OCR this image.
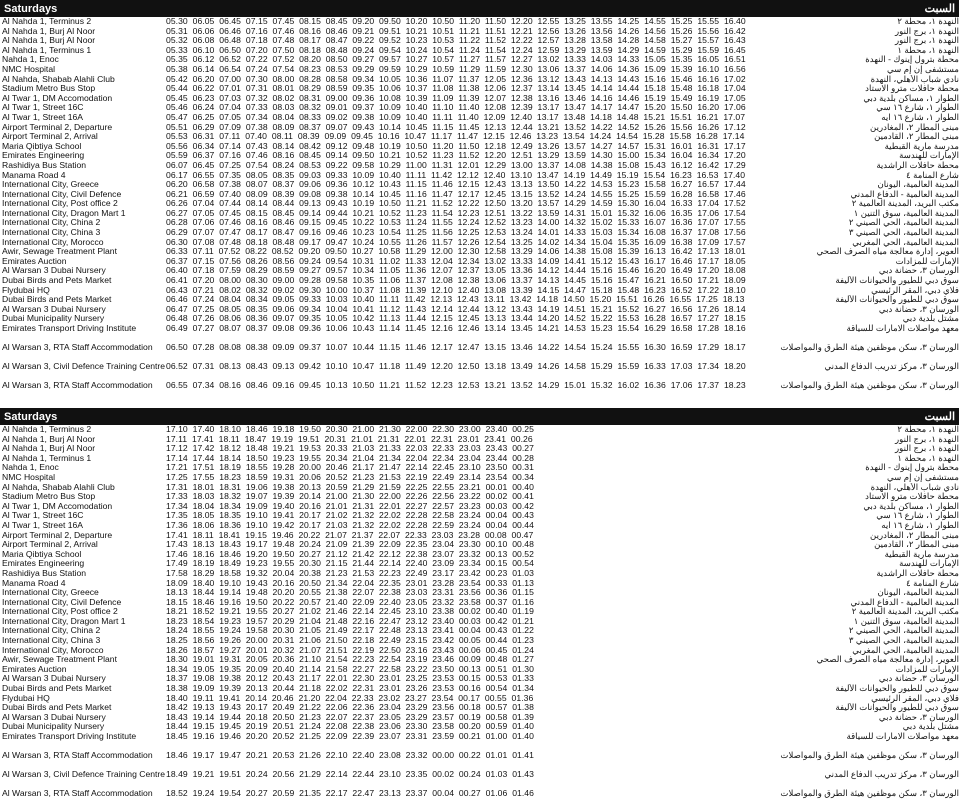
Saturdays	السبت
Al Nahda 1, Terminus 2	05.30  06.05  06.45  07.15  07.45  08.15  08.45  09.20  09.50  10.20  10.50  11.20  11.50  12.20  12.55  13.25  13.55  14.25  14.55  15.25  15.55  16.40	النهدة ١، محطة ٢
Al Nahda 1, Burj Al Noor	05.31  06.06  06.46  07.16  07.46  08.16  08.46  09.21  09.51  10.21  10.51  11.21  11.51  12.21  12.56  13.26  13.56  14.26  14.56  15.26  15.56  16.42	النهدة ١، برج النور
Al Nahda 1, Burj Al Noor	05.32  06.08  06.48  07.18  07.48  08.17  08.47  09.22  09.52  10.23  10.53  11.22  11.52  12.22  12.57  13.28  13.58  14.28  14.58  15.27  15.57  16.43	النهدة ١، برج النور
Al Nahda 1, Terminus 1	05.33  06.10  06.50  07.20  07.50  08.18  08.48  09.24  09.54  10.24  10.54  11.24  11.54  12.24  12.59  13.29  13.59  14.29  14.59  15.29  15.59  16.45	النهدة ١، محطة ١
Nahda 1, Enoc	05.35  06.12  06.52  07.22  07.52  08.20  08.50  09.27  09.57  10.27  10.57  11.27  11.57  12.27  13.02  13.33  14.03  14.33  15.05  15.35  16.05  16.51	محطة بترول إينوك - النهدة
NMC Hospital	05.38  06.14  06.54  07.24  07.54  08.23  08.53  09.29  09.59  10.29  10.59  11.29  11.59  12.30  13.06  13.37  14.06  14.36  15.09  15.39  16.10  16.56	مستشفى إن إم سي
Al Nahda, Shabab Alahli Club	05.42  06.20  07.00  07.30  08.00  08.28  08.58  09.34  10.05  10.36  11.07  11.37  12.05  12.36  13.12  13.43  14.13  14.43  15.16  15.46  16.16  17.02	نادي شباب الأهلي، النهدة
Stadium Metro Bus Stop	05.44  06.22  07.01  07.31  08.01  08.29  08.59  09.35  10.06  10.37  11.08  11.38  12.06  12.37  13.14  13.45  14.14  14.44  15.18  15.48  16.18  17.04	محطة حافلات مترو الاستاد
Al Twar 1, DM Accomodation	05.45  06.23  07.03  07.32  08.02  08.31  09.00  09.36  10.08  10.39  11.09  11.39  12.07  12.38  13.16  13.46  14.16  14.46  15.19  15.49  16.19  17.05	الطوار ١، مساكن بلدية دبي
Al Twar 1, Street 16C	05.46  06.24  07.04  07.33  08.03  08.32  09.01  09.37  10.09  10.40  11.10  11.40  12.08  12.39  13.17  13.47  14.17  14.47  15.20  15.50  16.20  17.06	الطوار ١، شارع ١٦ سي
Al Twar 1, Street 16A	05.47  06.25  07.05  07.34  08.04  08.33  09.02  09.38  10.09  10.40  11.11  11.40  12.09  12.40  13.17  13.48  14.18  14.48  15.21  15.51  16.21  17.07	الطوار ١، شارع ١٦ ايه
Airport Terminal 2, Departure	05.51  06.29  07.09  07.38  08.09  08.37  09.07  09.43  10.14  10.45  11.15  11.45  12.13  12.44  13.21  13.52  14.22  14.52  15.26  15.56  16.26  17.12	مبنى المطار ٢، المغادرين
Airport Terminal 2, Arrival	05.53  06.31  07.11  07.40  08.11  08.39  09.09  09.45  10.16  10.47  11.17  11.47  12.15  12.46  13.23  13.54  14.24  14.54  15.28  15.58  16.28  17.14	مبنى المطار ٢، القادمين
Maria Qibtiya School	05.56  06.34  07.14  07.43  08.14  08.42  09.12  09.48  10.19  10.50  11.20  11.50  12.18  12.49  13.26  13.57  14.27  14.57  15.31  16.01  16.31  17.17	مدرسة مارية القبطية
Emirates Engineering	05.59  06.37  07.16  07.46  08.16  08.45  09.14  09.50  10.21  10.52  11.23  11.52  12.20  12.51  13.29  13.59  14.30  15.00  15.34  16.04  16.34  17.20	الإمارات للهندسة
Rashidiya Bus Station	06.07  06.45  07.25  07.54  08.24  08.53  09.22  09.58  10.29  11.00  11.31  12.01  12.29  13.00  13.37  14.08  14.38  15.08  15.43  16.12  16.42  17.29	محطة حافلات الراشدية
Manama Road 4	06.17  06.55  07.35  08.05  08.35  09.03  09.33  10.09  10.40  11.11  11.42  12.12  12.40  13.10  13.47  14.19  14.49  15.19  15.54  16.23  16.53  17.40	شارع المنامة ٤
International City, Greece	06.20  06.58  07.38  08.07  08.37  09.06  09.36  10.12  10.43  11.15  11.46  12.15  12.43  13.13  13.50  14.22  14.53  15.23  15.58  16.27  16.57  17.44	المدينة العالمية، اليونان
International City, Civil Defence	06.21  06.59  07.40  08.09  08.39  09.08  09.38  10.14  10.45  11.16  11.47  12.17  12.45  13.15  13.52  14.24  14.55  15.25  15.59  16.28  16.58  17.46	المدينة العالمية - الدفاع المدني
International City, Post office 2	06.26  07.04  07.44  08.14  08.44  09.13  09.43  10.19  10.50  11.21  11.52  12.22  12.50  13.20  13.57  14.29  14.59  15.30  16.04  16.33  17.04  17.52	مكتب البريد، المدينة العالمية ٢
International City, Dragon Mart 1	06.27  07.05  07.45  08.15  08.45  09.14  09.44  10.21  10.52  11.23  11.54  12.23  12.51  13.22  13.59  14.31  15.01  15.32  16.06  16.35  17.06  17.54	المدينة العالمية، سوق التنين ١
International City, China 2	06.28  07.06  07.46  08.16  08.46  09.15  09.45  10.22  10.53  11.24  11.55  12.24  12.52  13.23  14.00  14.32  15.02  15.33  16.07  16.36  17.07  17.55	المدينة العالمية، الحي الصيني ٢
International City, China 3	06.29  07.07  07.47  08.17  08.47  09.16  09.46  10.23  10.54  11.25  11.56  12.25  12.53  13.24  14.01  14.33  15.03  15.34  16.08  16.37  17.08  17.56	المدينة العالمية، الحي الصيني ٣
International City, Morocco	06.30  07.08  07.48  08.18  08.48  09.17  09.47  10.24  10.55  11.26  11.57  12.26  12.54  13.25  14.02  14.34  15.04  15.35  16.09  16.38  17.09  17.57	المدينة العالمية، الحي المغربي
Awir, Sewage Treatment Plant	06.33  07.11  07.52  08.22  08.52  09.20  09.50  10.27  10.58  11.29  12.00  12.30  12.58  13.29  14.06  14.38  15.08  15.39  16.13  16.42  17.13  18.01	العوير، إدارة معالجة مياه الصرف الصحي
Emirates Auction	06.37  07.15  07.56  08.26  08.56  09.24  09.54  10.31  11.02  11.33  12.04  12.34  13.02  13.33  14.09  14.41  15.12  15.43  16.17  16.46  17.17  18.05	الإمارات للمزادات
Al Warsan 3 Dubai Nursery	06.40  07.18  07.59  08.29  08.59  09.27  09.57  10.34  11.05  11.36  12.07  12.37  13.05  13.36  14.12  14.44  15.16  15.46  16.20  16.49  17.20  18.08	الورسان ٣، حضانة دبي
Dubai Birds and Pets Market	06.41  07.20  08.00  08.30  09.00  09.28  09.58  10.35  11.06  11.37  12.08  12.38  13.06  13.37  14.13  14.45  15.16  15.47  16.21  16.50  17.21  18.09	سوق دبي للطيور والحيوانات الأليفة
Flydubai HQ	06.43  07.21  08.02  08.32  09.02  09.30  10.00  10.37  11.08  11.39  12.10  12.40  13.08  13.39  14.15  14.47  15.18  15.48  16.23  16.52  17.22  18.10	فلاي دبي، المقر الرئيسي
Dubai Birds and Pets Market	06.46  07.24  08.04  08.34  09.05  09.33  10.03  10.40  11.11  11.42  12.13  12.43  13.11  13.42  14.18  14.50  15.20  15.51  16.26  16.55  17.25  18.13	سوق دبي للطيور والحيوانات الأليفة
Al Warsan 3 Dubai Nursery	06.47  07.25  08.05  08.35  09.06  09.34  10.04  10.41  11.12  11.43  12.14  12.44  13.12  13.43  14.19  14.51  15.21  15.52  16.27  16.56  17.26  18.14	الورسان ٣، حضانة دبي
Dubai Municipality Nursery	06.48  07.26  08.06  08.36  09.07  09.35  10.05  10.42  11.13  11.44  12.15  12.45  13.13  13.44  14.20  14.52  15.22  15.53  16.28  16.57  17.27  18.15	مشتل بلدية دبي
Emirates Transport Driving Institute	06.49  07.27  08.07  08.37  09.08  09.36  10.06  10.43  11.14  11.45  12.16  12.46  13.14  13.45  14.21  14.53  15.23  15.54  16.29  16.58  17.28  18.16	معهد مواصلات الامارات للسياقة
Al Warsan 3, RTA Staff Accommodation	06.50  07.28  08.08  08.38  09.09  09.37  10.07  10.44  11.15  11.46  12.17  12.47  13.15  13.46  14.22  14.54  15.24  15.55  16.30  16.59  17.29  18.17	الورسان ٣، سكن موظفين هيئة الطرق والمواصلات
Al Warsan 3, Civil Defence Training Centre	06.52  07.31  08.13  08.43  09.13  09.42  10.10  10.47  11.18  11.49  12.20  12.50  13.18  13.49  14.26  14.58  15.29  15.59  16.33  17.03  17.34  18.20	الورسان ٣، مركز تدريب الدفاع المدني
Al Warsan 3, RTA Staff Accommodation	06.55  07.34  08.16  08.46  09.16  09.45  10.13  10.50  11.21  11.52  12.23  12.53  13.21  13.52  14.29  15.01  15.32  16.02  16.36  17.06  17.37  18.23	الورسان ٣، سكن موظفين هيئة الطرق والمواصلات
Saturdays	السبت
Al Nahda 1, Terminus 2	17.10  17.40  18.10  18.46  19.18  19.50  20.30  21.00  21.30  22.00  22.30  23.00  23.40  00.25	النهدة ١، محطة ٢
Al Nahda 1, Burj Al Noor	17.11  17.41  18.11  18.47  19.19  19.51  20.31  21.01  21.31  22.01  22.31  23.01  23.41  00.26	النهدة ١، برج النور
Al Nahda 1, Burj Al Noor	17.12  17.42  18.12  18.48  19.21  19.53  20.33  21.03  21.33  22.03  22.33  23.03  23.43  00.27	النهدة ١، برج النور
Al Nahda 1, Terminus 1	17.14  17.44  18.14  18.50  19.23  19.55  20.34  21.04  21.34  22.04  22.34  23.04  23.44  00.28	النهدة ١، محطة ١
Nahda 1, Enoc	17.21  17.51  18.19  18.55  19.28  20.00  20.46  21.17  21.47  22.14  22.45  23.10  23.50  00.31	محطة بترول إينوك - النهدة
NMC Hospital	17.25  17.55  18.23  18.59  19.31  20.06  20.52  21.23  21.53  22.19  22.49  23.14  23.54  00.34	مستشفى إن إم سي
Al Nahda, Shabab Alahli Club	17.31  18.01  18.31  19.06  19.38  20.13  20.59  21.29  21.59  22.25  22.55  23.21  00.01  00.40	نادي شباب الأهلي، النهدة
Stadium Metro Bus Stop	17.33  18.03  18.32  19.07  19.39  20.14  21.00  21.30  22.00  22.26  22.56  23.22  00.02  00.41	محطة حافلات مترو الاستاد
Al Twar 1, DM Accomodation	17.34  18.04  18.34  19.09  19.40  20.16  21.01  21.31  22.01  22.27  22.57  23.23  00.03  00.42	الطوار ١، مساكن بلدية دبي
Al Twar 1, Street 16C	17.35  18.05  18.35  19.10  19.41  20.17  21.02  21.32  22.02  22.28  22.58  23.24  00.04  00.43	الطوار ١، شارع ١٦ سي
Al Twar 1, Street 16A	17.36  18.06  18.36  19.10  19.42  20.17  21.03  21.32  22.02  22.28  22.59  23.24  00.04  00.44	الطوار ١، شارع ١٦ ايه
Airport Terminal 2, Departure	17.41  18.11  18.41  19.15  19.46  20.22  21.07  21.37  22.07  22.33  23.03  23.28  00.08  00.47	مبنى المطار ٢، المغادرين
Airport Terminal 2, Arrival	17.43  18.13  18.43  19.17  19.48  20.24  21.09  21.39  22.09  22.35  23.04  23.30  00.10  00.48	مبنى المطار ٢، القادمين
Maria Qibtiya School	17.46  18.16  18.46  19.20  19.50  20.27  21.12  21.42  22.12  22.38  23.07  23.32  00.13  00.52	مدرسة مارية القبطية
Emirates Engineering	17.49  18.19  18.49  19.23  19.55  20.30  21.15  21.44  22.14  22.40  23.09  23.34  00.15  00.54	الإمارات للهندسة
Rashidiya Bus Station	17.58  18.29  18.58  19.32  20.04  20.38  21.23  21.53  22.23  22.49  23.17  23.42  00.23  01.03	محطة حافلات الراشدية
Manama Road 4	18.09  18.40  19.10  19.43  20.16  20.50  21.34  22.04  22.35  23.01  23.28  23.54  00.33  01.13	شارع المنامة ٤
International City, Greece	18.13  18.44  19.14  19.48  20.20  20.55  21.38  22.07  22.38  23.03  23.31  23.56  00.36  01.15	المدينة العالمية، اليونان
International City, Civil Defence	18.15  18.46  19.16  19.50  20.22  20.57  21.40  22.09  22.40  23.05  23.32  23.58  00.37  01.16	المدينة العالمية - الدفاع المدني
International City, Post office 2	18.21  18.52  19.21  19.55  20.27  21.02  21.46  22.14  22.45  23.10  23.38  00.02  00.40  01.19	مكتب البريد، المدينة العالمية ٢
International City, Dragon Mart 1	18.23  18.54  19.23  19.57  20.29  21.04  21.48  22.16  22.47  23.12  23.40  00.03  00.42  01.21	المدينة العالمية، سوق التنين ١
International City, China 2	18.24  18.55  19.24  19.58  20.30  21.05  21.49  22.17  22.48  23.13  23.41  00.04  00.43  01.22	المدينة العالمية، الحي الصيني ٢
International City, China 3	18.25  18.56  19.26  20.00  20.31  21.06  21.50  22.18  22.49  23.15  23.42  00.05  00.44  01.23	المدينة العالمية، الحي الصيني ٣
International City, Morocco	18.26  18.57  19.27  20.01  20.32  21.07  21.51  22.19  22.50  23.16  23.43  00.06  00.45  01.24	المدينة العالمية، الحي المغربي
Awir, Sewage Treatment Plant	18.30  19.01  19.31  20.05  20.36  21.10  21.54  22.23  22.54  23.19  23.46  00.09  00.48  01.27	العوير، إدارة معالجة مياه الصرف الصحي
Emirates Auction	18.34  19.05  19.35  20.09  20.40  21.14  21.58  22.27  22.58  23.22  23.50  00.13  00.51  01.30	الإمارات للمزادات
Al Warsan 3 Dubai Nursery	18.37  19.08  19.38  20.12  20.43  21.17  22.01  22.30  23.01  23.25  23.53  00.15  00.53  01.33	الورسان ٣، حضانة دبي
Dubai Birds and Pets Market	18.38  19.09  19.39  20.13  20.44  21.18  22.02  22.31  23.01  23.26  23.53  00.16  00.54  01.34	سوق دبي للطيور والحيوانات الأليفة
Flydubai HQ	18.40  19.11  19.41  20.14  20.46  21.20  22.04  22.33  23.02  23.27  23.54  00.17  00.55  01.36	فلاي دبي، المقر الرئيسي
Dubai Birds and Pets Market	18.42  19.13  19.43  20.17  20.49  21.22  22.06  22.36  23.04  23.29  23.56  00.18  00.57  01.38	سوق دبي للطيور والحيوانات الأليفة
Al Warsan 3 Dubai Nursery	18.43  19.14  19.44  20.18  20.50  21.23  22.07  22.37  23.05  23.29  23.57  00.19  00.58  01.39	الورسان ٣، حضانة دبي
Dubai Municipality Nursery	18.44  19.15  19.45  20.19  20.51  21.24  22.08  22.38  23.06  23.30  23.58  00.20  00.59  01.40	مشتل بلدية دبي
Emirates Transport Driving Institute	18.45  19.16  19.46  20.20  20.52  21.25  22.09  22.39  23.07  23.31  23.59  00.21  01.00  01.40	معهد مواصلات الامارات للسياقة
Al Warsan 3, RTA Staff Accommodation	18.46  19.17  19.47  20.21  20.53  21.26  22.10  22.40  23.08  23.32  00.00  00.22  01.01  01.41	الورسان ٣، سكن موظفين هيئة الطرق والمواصلات
Al Warsan 3, Civil Defence Training Centre	18.49  19.21  19.51  20.24  20.56  21.29  22.14  22.44  23.10  23.35  00.02  00.24  01.03  01.43	الورسان ٣، مركز تدريب الدفاع المدني
Al Warsan 3, RTA Staff Accommodation	18.52  19.24  19.54  20.27  20.59  21.35  22.17  22.47  23.13  23.37  00.04  00.27  01.06  01.46	الورسان ٣، سكن موظفين هيئة الطرق والمواصلات
